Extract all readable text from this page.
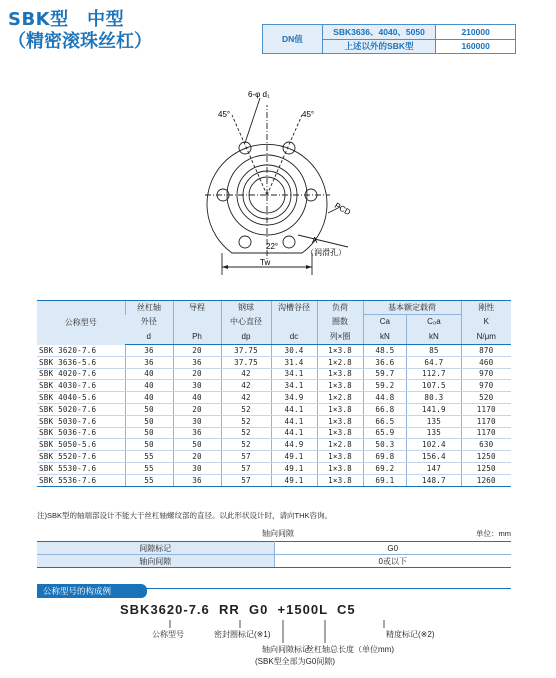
SBK型　中型
（精密滚珠丝杠）	DN值	SBK3636、4040、5050	210000
	上述以外的SBK型	160000
6-φ d₁
45°	45°
PCD
22°
A
（润滑孔）
Tw
公称型号	丝杠轴	导程	钢球	沟槽谷径	负荷	基本额定载荷		刚性
	外径		中心直径		圈数	Ca	C₀a	K
	d	Ph	dp	dc	列×圈	kN	kN	N/μm
SBK 3620-7.6	36	20	37.75	30.4	1×3.8	48.5	85	870
SBK 3636-5.6	36	36	37.75	31.4	1×2.8	36.6	64.7	460
SBK 4020-7.6	40	20	42	34.1	1×3.8	59.7	112.7	970
SBK 4030-7.6	40	30	42	34.1	1×3.8	59.2	107.5	970
SBK 4040-5.6	40	40	42	34.9	1×2.8	44.8	80.3	520
SBK 5020-7.6	50	20	52	44.1	1×3.8	66.8	141.9	1170
SBK 5030-7.6	50	30	52	44.1	1×3.8	66.5	135	1170
SBK 5036-7.6	50	36	52	44.1	1×3.8	65.9	135	1170
SBK 5050-5.6	50	50	52	44.9	1×2.8	50.3	102.4	630
SBK 5520-7.6	55	20	57	49.1	1×3.8	69.8	156.4	1250
SBK 5530-7.6	55	30	57	49.1	1×3.8	69.2	147	1250
SBK 5536-7.6	55	36	57	49.1	1×3.8	69.1	148.7	1260
注)SBK型的轴端部设计不能大于丝杠轴螺纹部的直径。以此形状设计时，请向THK咨询。
轴向间隙	单位：mm
间隙标记	G0
轴向间隙	0或以下
公称型号的构成例
SBK3620-7.6  RR  G0  +1500L  C5
公称型号	密封圈标记(※1)	精度标记(※2)
轴向间隙标记
(SBK型全部为G0间隙)
丝杠轴总长度（单位mm)
